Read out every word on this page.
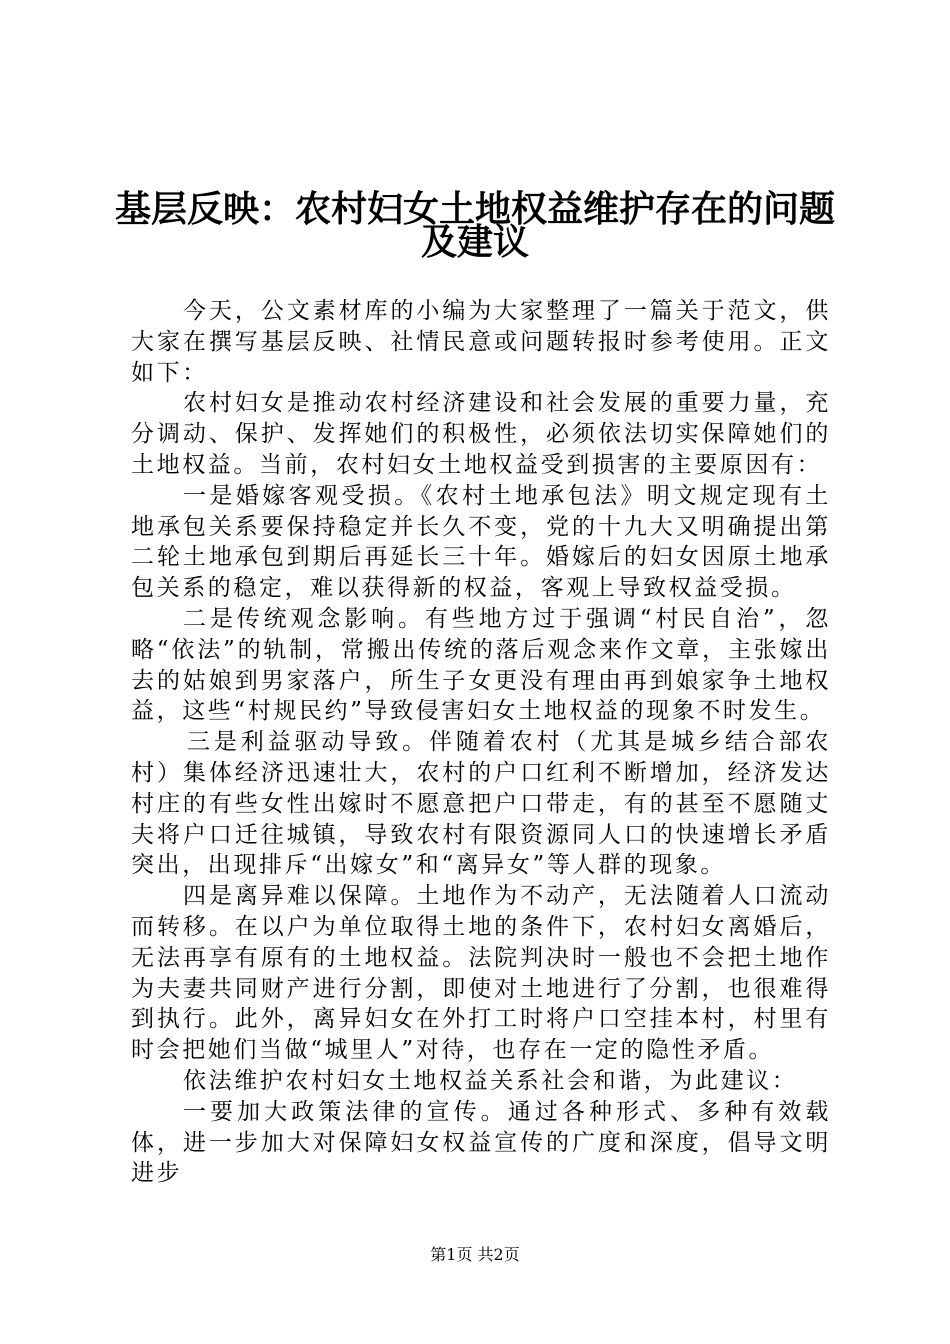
基层反映：农村妇女土地权益维护存在的问题
及建议

今天，公文素材库的小编为大家整理了一篇关于范文，供大家在撰写基层反映、社情民意或问题转报时参考使用。正文如下：

农村妇女是推动农村经济建设和社会发展的重要力量，充分调动、保护、发挥她们的积极性，必须依法切实保障她们的土地权益。当前，农村妇女土地权益受到损害的主要原因有：

一是婚嫁客观受损。《农村土地承包法》明文规定现有土地承包关系要保持稳定并长久不变，党的十九大又明确提出第二轮土地承包到期后再延长三十年。婚嫁后的妇女因原土地承包关系的稳定，难以获得新的权益，客观上导致权益受损。

二是传统观念影响。有些地方过于强调“村民自治”，忽略“依法”的轨制，常搬出传统的落后观念来作文章，主张嫁出去的姑娘到男家落户，所生子女更没有理由再到娘家争土地权益，这些“村规民约”导致侵害妇女土地权益的现象不时发生。

三是利益驱动导致。伴随着农村（尤其是城乡结合部农村）集体经济迅速壮大，农村的户口红利不断增加，经济发达村庄的有些女性出嫁时不愿意把户口带走，有的甚至不愿随丈夫将户口迁往城镇，导致农村有限资源同人口的快速增长矛盾突出，出现排斥“出嫁女”和“离异女”等人群的现象。

四是离异难以保障。土地作为不动产，无法随着人口流动而转移。在以户为单位取得土地的条件下，农村妇女离婚后，无法再享有原有的土地权益。法院判决时一般也不会把土地作为夫妻共同财产进行分割，即使对土地进行了分割，也很难得到执行。此外，离异妇女在外打工时将户口空挂本村，村里有时会把她们当做“城里人”对待，也存在一定的隐性矛盾。

依法维护农村妇女土地权益关系社会和谐，为此建议：

一要加大政策法律的宣传。通过各种形式、多种有效载体，进一步加大对保障妇女权益宣传的广度和深度，倡导文明进步

第1页 共2页
